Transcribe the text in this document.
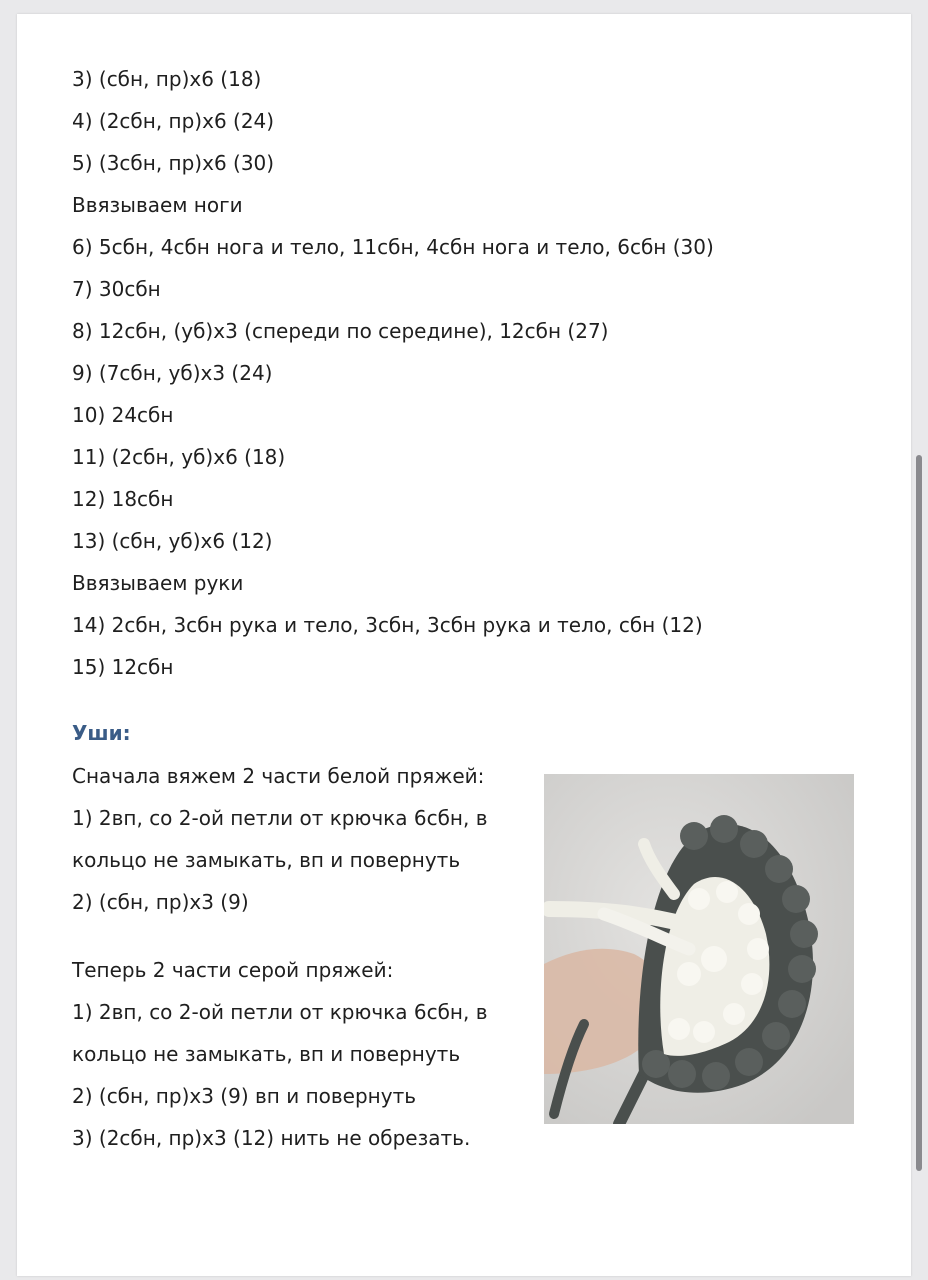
3) (сбн, пр)х6 (18)
4) (2сбн, пр)х6 (24)
5) (3сбн, пр)х6 (30)
Ввязываем ноги
6) 5сбн, 4сбн нога и тело, 11сбн, 4сбн нога и тело, 6сбн (30)
7) 30сбн
8) 12сбн, (уб)х3 (спереди по середине), 12сбн (27)
9) (7сбн, уб)х3 (24)
10) 24сбн
11) (2сбн, уб)х6 (18)
12) 18сбн
13) (сбн, уб)х6 (12)
Ввязываем руки
14) 2сбн, 3сбн рука и тело, 3сбн, 3сбн рука и тело, сбн (12)
15) 12сбн
Уши:
Сначала вяжем 2 части белой пряжей:
1) 2вп, со 2-ой петли от крючка 6сбн, в
кольцо не замыкать, вп и повернуть
2) (сбн, пр)х3 (9)
Теперь 2 части серой пряжей:
1) 2вп, со 2-ой петли от крючка 6сбн, в
кольцо не замыкать, вп и повернуть
2) (сбн, пр)х3 (9) вп и повернуть
3) (2сбн, пр)х3 (12) нить не обрезать.
